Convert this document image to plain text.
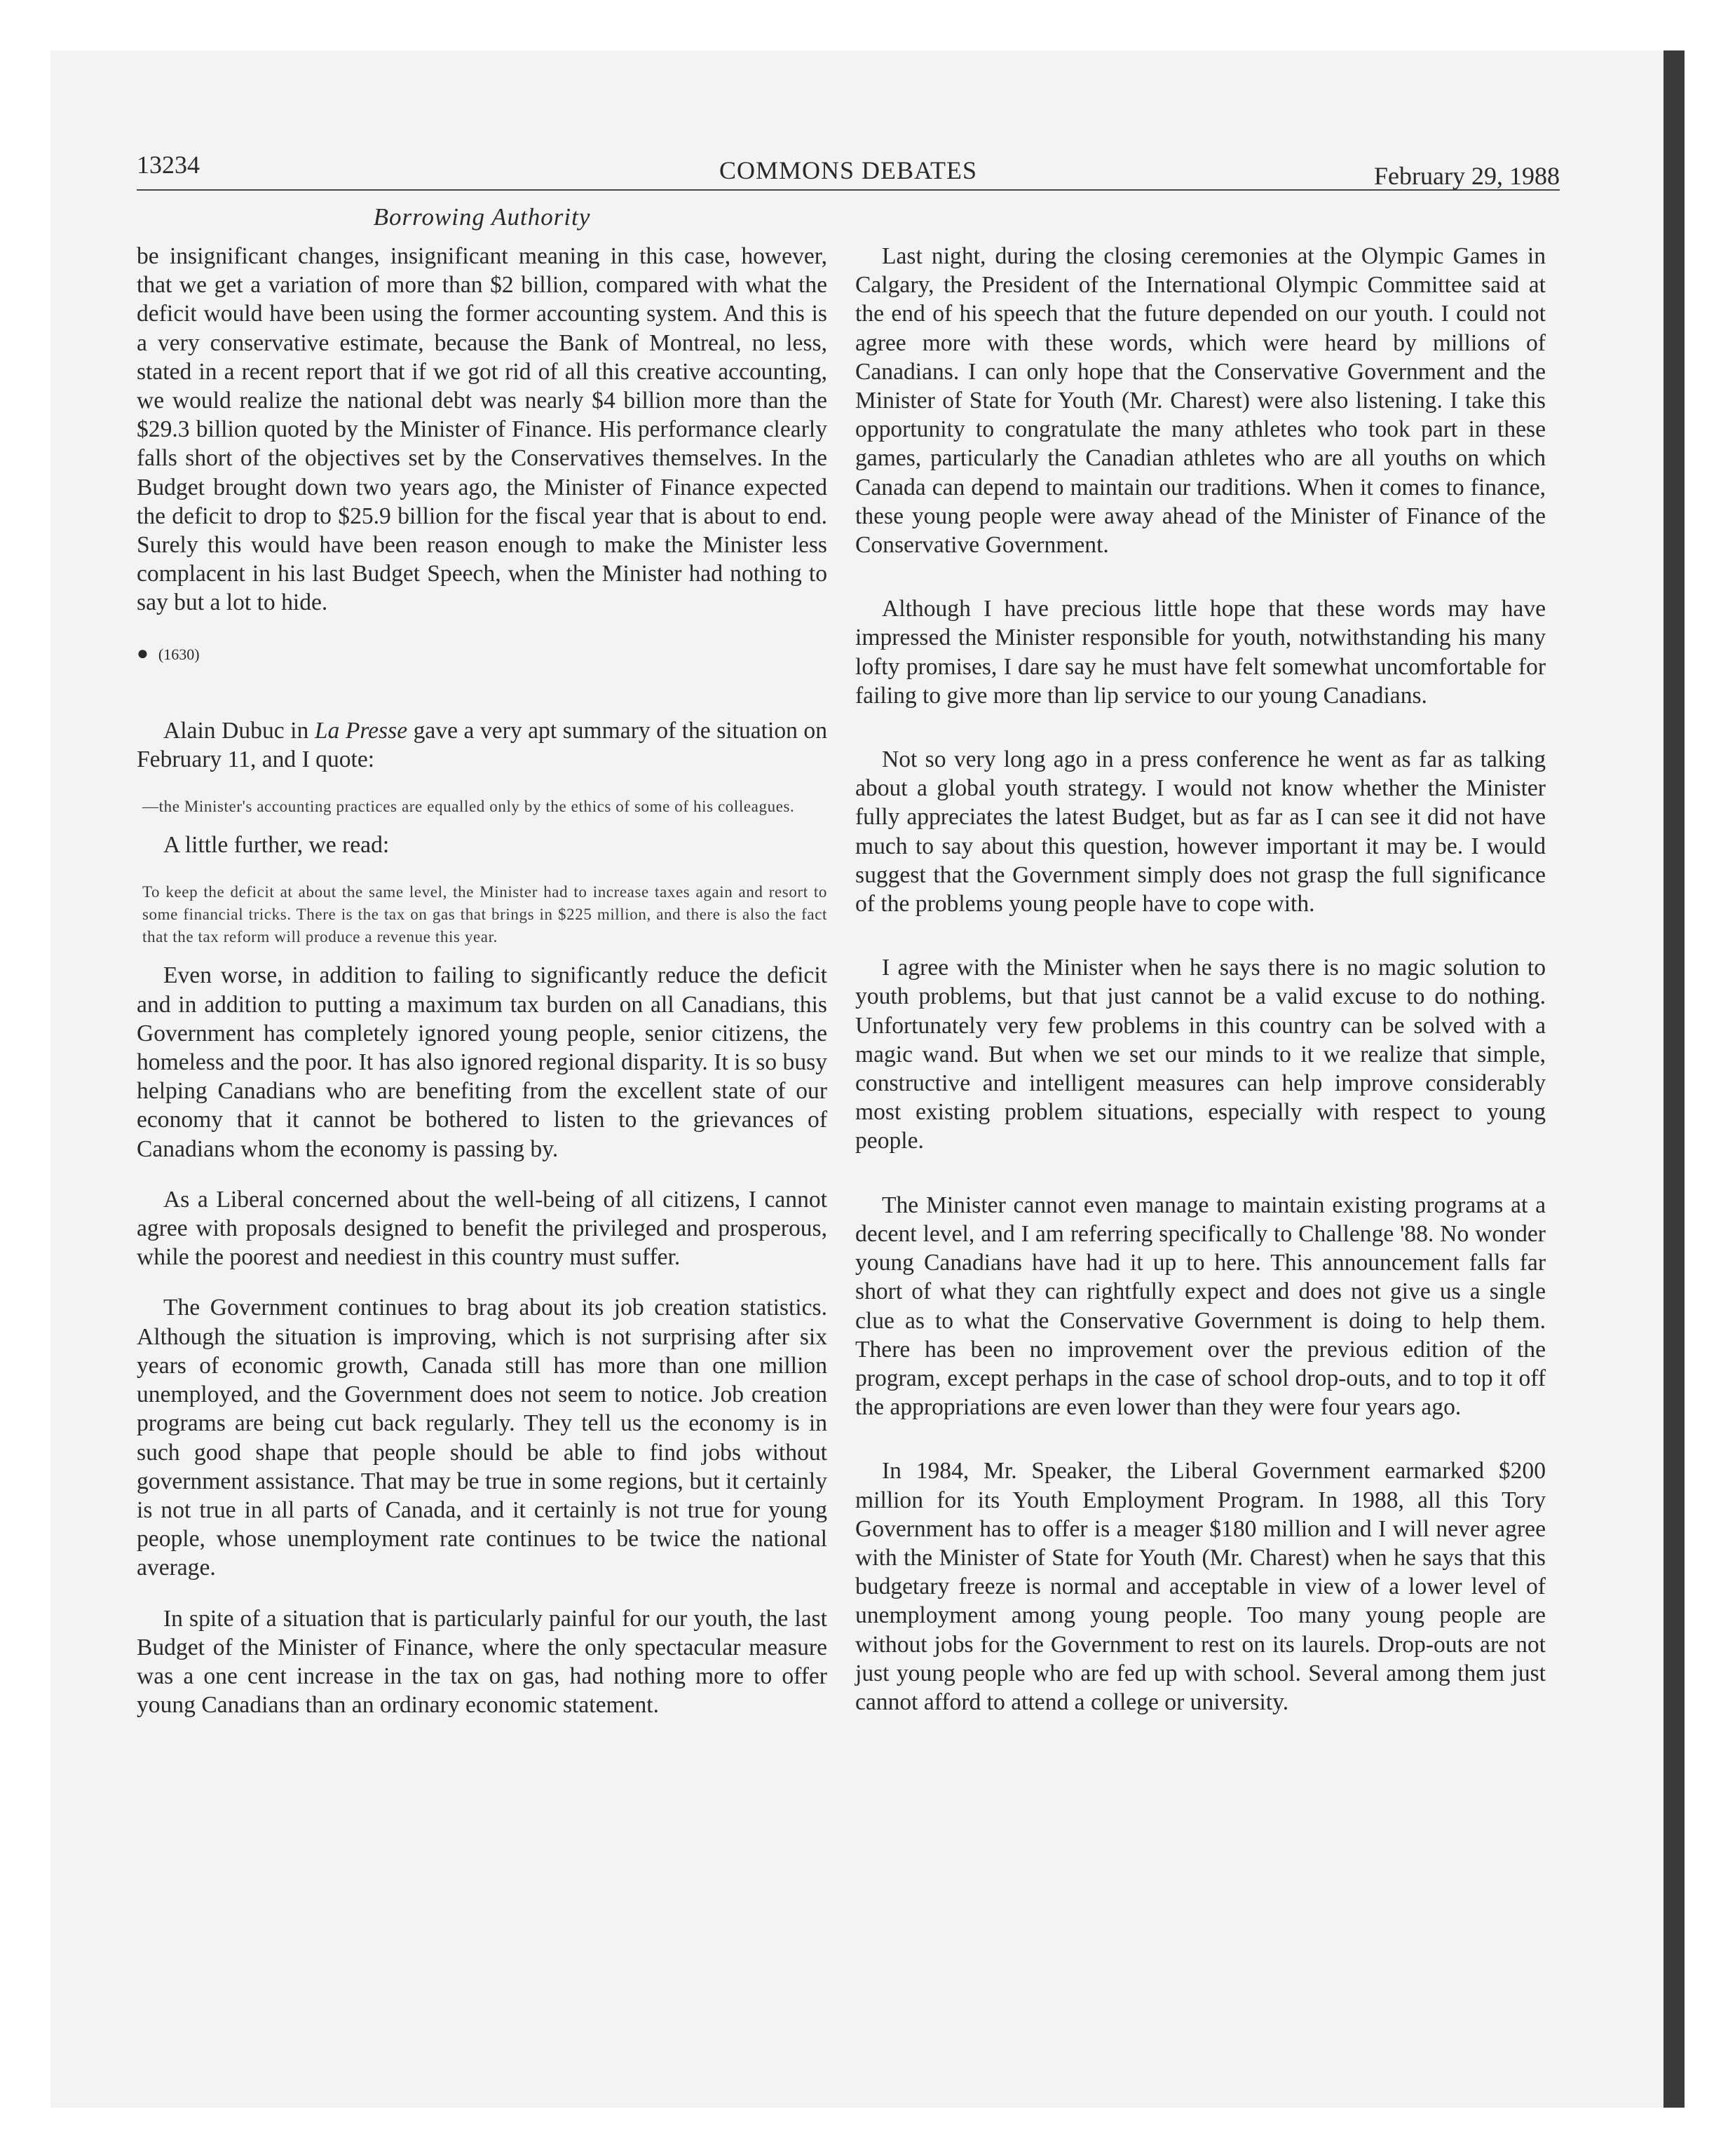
13234	COMMONS DEBATES	February 29, 1988
Borrowing Authority

be insignificant changes, insignificant meaning in this case, however, that we get a variation of more than $2 billion, compared with what the deficit would have been using the former accounting system. And this is a very conservative estimate, because the Bank of Montreal, no less, stated in a recent report that if we got rid of all this creative accounting, we would realize the national debt was nearly $4 billion more than the $29.3 billion quoted by the Minister of Finance. His performance clearly falls short of the objectives set by the Conservatives themselves. In the Budget brought down two years ago, the Minister of Finance expected the deficit to drop to $25.9 billion for the fiscal year that is about to end. Surely this would have been reason enough to make the Minister less complacent in his last Budget Speech, when the Minister had nothing to say but a lot to hide.

● (1630)

Alain Dubuc in La Presse gave a very apt summary of the situation on February 11, and I quote:

—the Minister's accounting practices are equalled only by the ethics of some of his colleagues.

A little further, we read:

To keep the deficit at about the same level, the Minister had to increase taxes again and resort to some financial tricks. There is the tax on gas that brings in $225 million, and there is also the fact that the tax reform will produce a revenue this year.

Even worse, in addition to failing to significantly reduce the deficit and in addition to putting a maximum tax burden on all Canadians, this Government has completely ignored young people, senior citizens, the homeless and the poor. It has also ignored regional disparity. It is so busy helping Canadians who are benefiting from the excellent state of our economy that it cannot be bothered to listen to the grievances of Canadians whom the economy is passing by.

As a Liberal concerned about the well-being of all citizens, I cannot agree with proposals designed to benefit the privileged and prosperous, while the poorest and neediest in this country must suffer.

The Government continues to brag about its job creation statistics. Although the situation is improving, which is not surprising after six years of economic growth, Canada still has more than one million unemployed, and the Government does not seem to notice. Job creation programs are being cut back regularly. They tell us the economy is in such good shape that people should be able to find jobs without government assistance. That may be true in some regions, but it certainly is not true in all parts of Canada, and it certainly is not true for young people, whose unemployment rate continues to be twice the national average.

In spite of a situation that is particularly painful for our youth, the last Budget of the Minister of Finance, where the only spectacular measure was a one cent increase in the tax on gas, had nothing more to offer young Canadians than an ordinary economic statement.

Last night, during the closing ceremonies at the Olympic Games in Calgary, the President of the International Olympic Committee said at the end of his speech that the future depended on our youth. I could not agree more with these words, which were heard by millions of Canadians. I can only hope that the Conservative Government and the Minister of State for Youth (Mr. Charest) were also listening. I take this opportunity to congratulate the many athletes who took part in these games, particularly the Canadian athletes who are all youths on which Canada can depend to maintain our traditions. When it comes to finance, these young people were away ahead of the Minister of Finance of the Conservative Government.

Although I have precious little hope that these words may have impressed the Minister responsible for youth, notwithstanding his many lofty promises, I dare say he must have felt somewhat uncomfortable for failing to give more than lip service to our young Canadians.

Not so very long ago in a press conference he went as far as talking about a global youth strategy. I would not know whether the Minister fully appreciates the latest Budget, but as far as I can see it did not have much to say about this question, however important it may be. I would suggest that the Government simply does not grasp the full significance of the problems young people have to cope with.

I agree with the Minister when he says there is no magic solution to youth problems, but that just cannot be a valid excuse to do nothing. Unfortunately very few problems in this country can be solved with a magic wand. But when we set our minds to it we realize that simple, constructive and intelligent measures can help improve considerably most existing problem situations, especially with respect to young people.

The Minister cannot even manage to maintain existing programs at a decent level, and I am referring specifically to Challenge '88. No wonder young Canadians have had it up to here. This announcement falls far short of what they can rightfully expect and does not give us a single clue as to what the Conservative Government is doing to help them. There has been no improvement over the previous edition of the program, except perhaps in the case of school drop-outs, and to top it off the appropriations are even lower than they were four years ago.

In 1984, Mr. Speaker, the Liberal Government earmarked $200 million for its Youth Employment Program. In 1988, all this Tory Government has to offer is a meager $180 million and I will never agree with the Minister of State for Youth (Mr. Charest) when he says that this budgetary freeze is normal and acceptable in view of a lower level of unemployment among young people. Too many young people are without jobs for the Government to rest on its laurels. Drop-outs are not just young people who are fed up with school. Several among them just cannot afford to attend a college or university.
